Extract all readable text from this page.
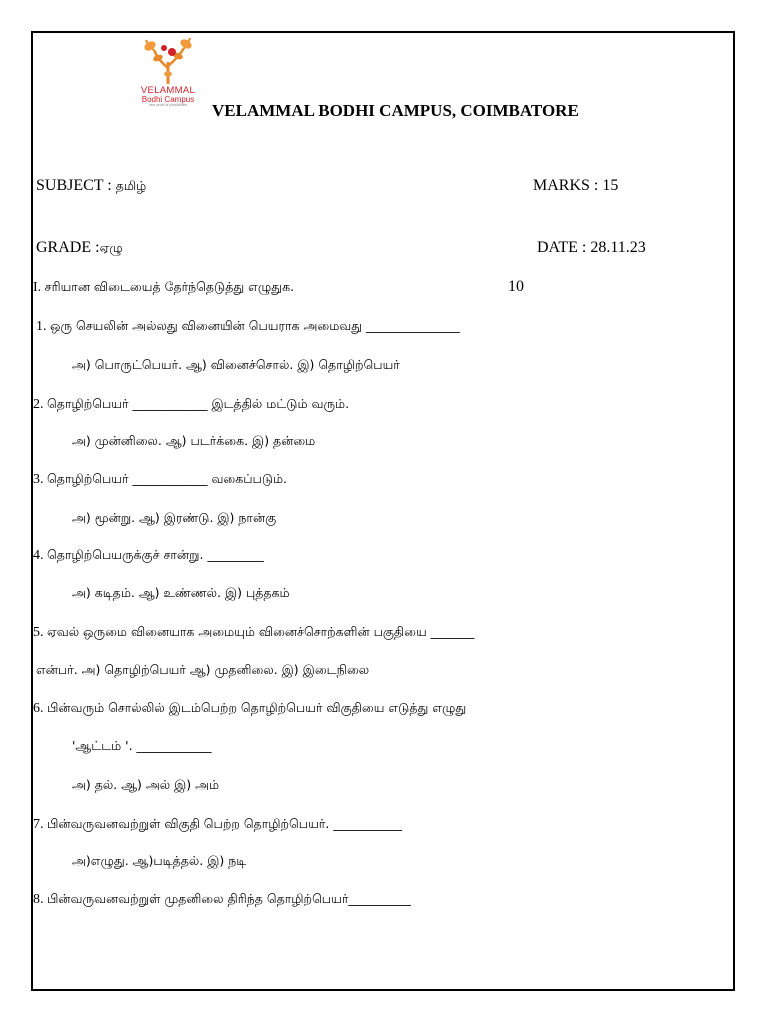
VELAMMAL
Bodhi Campus
new world of possibilities	VELAMMAL BODHI CAMPUS, COIMBATORE
SUBJECT : தமிழ்	MARKS : 15
GRADE :ஏழு	DATE : 28.11.23
I. சரியான விடையைத் தேர்ந்தெடுத்து எழுதுக.	10
1. ஒரு செயலின் அல்லது வினையின் பெயராக அமைவது _______________
அ) பொருட்பெயர். ஆ) வினைச்சொல். இ) தொழிற்பெயர்
2. தொழிற்பெயர் ____________ இடத்தில் மட்டும் வரும்.
அ) முன்னிலை. ஆ) படர்க்கை. இ) தன்மை
3. தொழிற்பெயர் ____________ வகைப்படும்.
அ) மூன்று. ஆ) இரண்டு. இ) நான்கு
4. தொழிற்பெயருக்குச் சான்று. _________
அ) கடிதம். ஆ) உண்ணல். இ) புத்தகம்
5. ஏவல் ஒருமை வினையாக அமையும் வினைச்சொற்களின் பகுதியை _______
என்பர். அ) தொழிற்பெயர் ஆ) முதனிலை. இ) இடைநிலை
6. பின்வரும் சொல்லில் இடம்பெற்ற தொழிற்பெயர் விகுதியை எடுத்து எழுது
'ஆட்டம் '. ____________
அ) தல். ஆ) அல் இ) அம்
7. பின்வருவனவற்றுள் விகுதி பெற்ற தொழிற்பெயர். ___________
அ)எழுது. ஆ)படித்தல். இ) நடி
8. பின்வருவனவற்றுள் முதனிலை திரிந்த தொழிற்பெயர்__________
